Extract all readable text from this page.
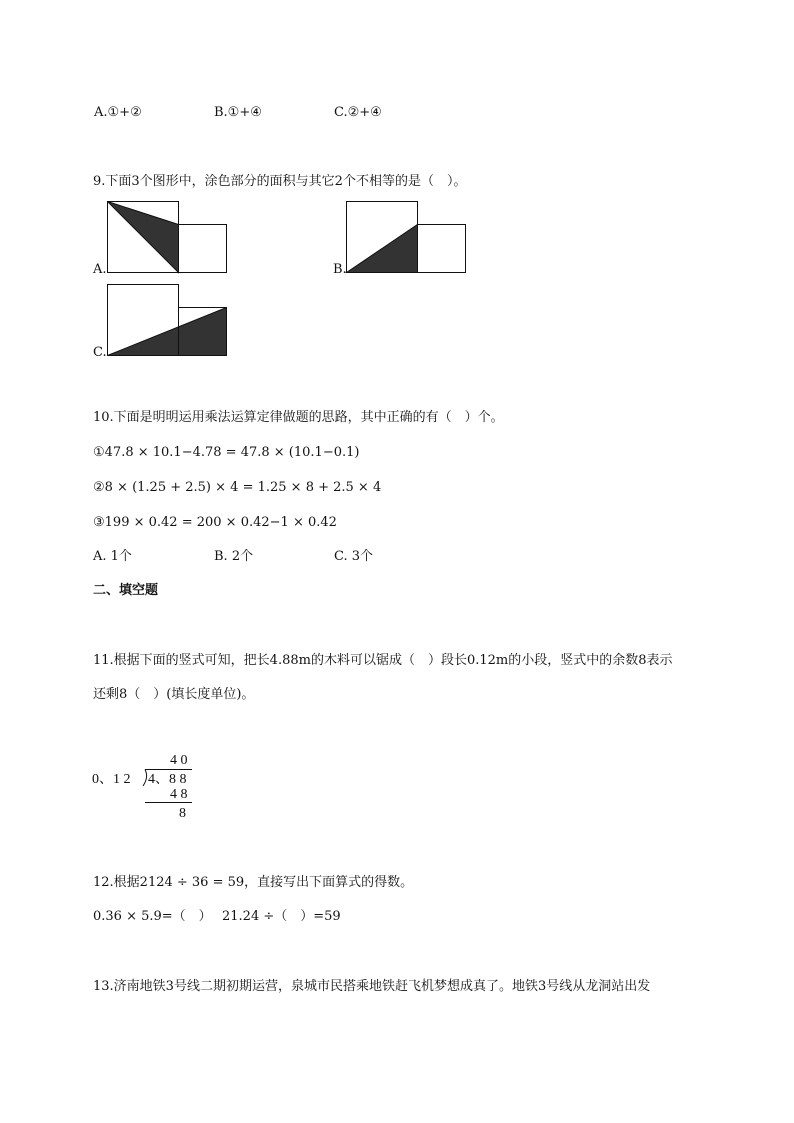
A.①+②	B.①+④	C.②+④
9.下面3个图形中，涂色部分的面积与其它2个不相等的是（　）。
A.	B.
C.
10.下面是明明运用乘法运算定律做题的思路，其中正确的有（　）个。
①47.8 × 10.1−4.78 = 47.8 × (10.1−0.1)
②8 × (1.25 + 2.5) × 4 = 1.25 × 8 + 2.5 × 4
③199 × 0.42 = 200 × 0.42−1 × 0.42
A. 1个	B. 2个	C. 3个
二、填空题
11.根据下面的竖式可知，把长4.88m的木料可以锯成（　）段长0.12m的小段，竖式中的余数8表示
还剩8（　）(填长度单位)。
4 0
0、1 2 4、8 8
4 8
8
12.根据2124 ÷ 36 = 59，直接写出下面算式的得数。
0.36 × 5.9=（　） 21.24 ÷（　）=59
13.济南地铁3号线二期初期运营，泉城市民搭乘地铁赶飞机梦想成真了。地铁3号线从龙洞站出发
